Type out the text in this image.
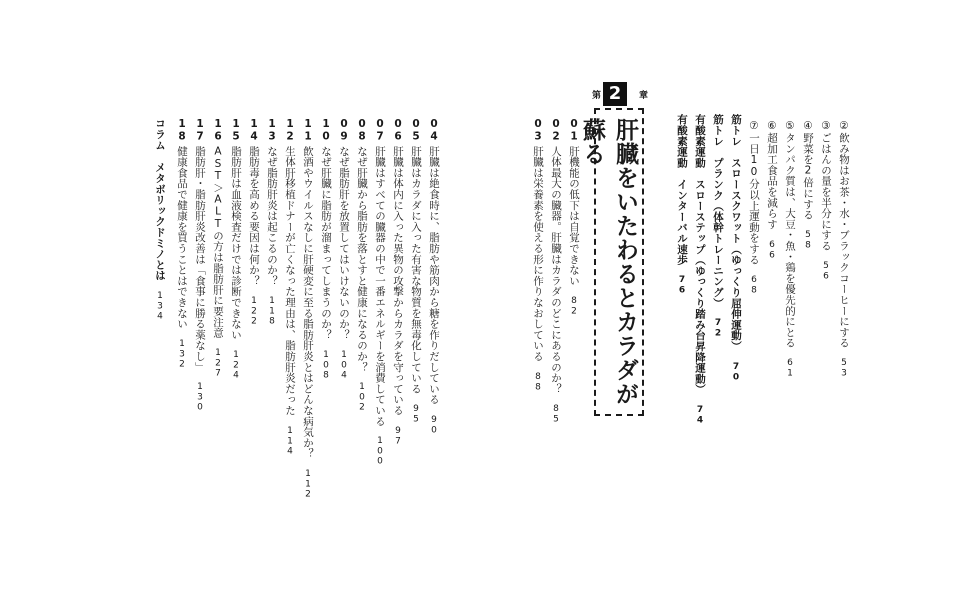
②飲み物はお茶・水・ブラックコーヒーにする53
③ごはんの量を半分にする56
④野菜を2倍にする58
⑤タンパク質は、大豆・魚・鶏を優先的にとる61
⑥超加工食品を減らす66
⑦一日10分以上運動をする68
筋トレ　スロースクワット（ゆっくり屈伸運動）70
筋トレ　プランク（体幹トレーニング）72
有酸素運動　スローステップ（ゆっくり踏み台昇降運動）74
有酸素運動　インターバル速歩76
第 2	章
肝臓をいたわるとカラダが蘇る
01肝機能の低下は自覚できない82
02人体最大の臓器。肝臓はカラダのどこにあるのか？85
03肝臓は栄養素を使える形に作りなおしている88
04肝臓は絶食時に、脂肪や筋肉から糖を作りだしている90
05肝臓はカラダに入った有害な物質を無毒化している95
06肝臓は体内に入った異物の攻撃からカラダを守っている97
07肝臓はすべての臓器の中で一番エネルギーを消費している100
08なぜ肝臓から脂肪を落とすと健康になるのか？102
09なぜ脂肪肝を放置してはいけないのか？104
10なぜ肝臓に脂肪が溜まってしまうのか？108
11飲酒やウイルスなしに肝硬変に至る脂肪肝炎とはどんな病気か？112
12生体肝移植ドナーが亡くなった理由は、脂肪肝炎だった114
13なぜ脂肪肝炎は起こるのか？118
14脂肪毒を高める要因は何か？122
15脂肪肝は血液検査だけでは診断できない124
16AST＞ALTの方は脂肪肝に要注意127
17脂肪肝・脂肪肝炎改善は「食事に勝る薬なし」130
18健康食品で健康を買うことはできない132
コラムメタボリックドミノとは134
